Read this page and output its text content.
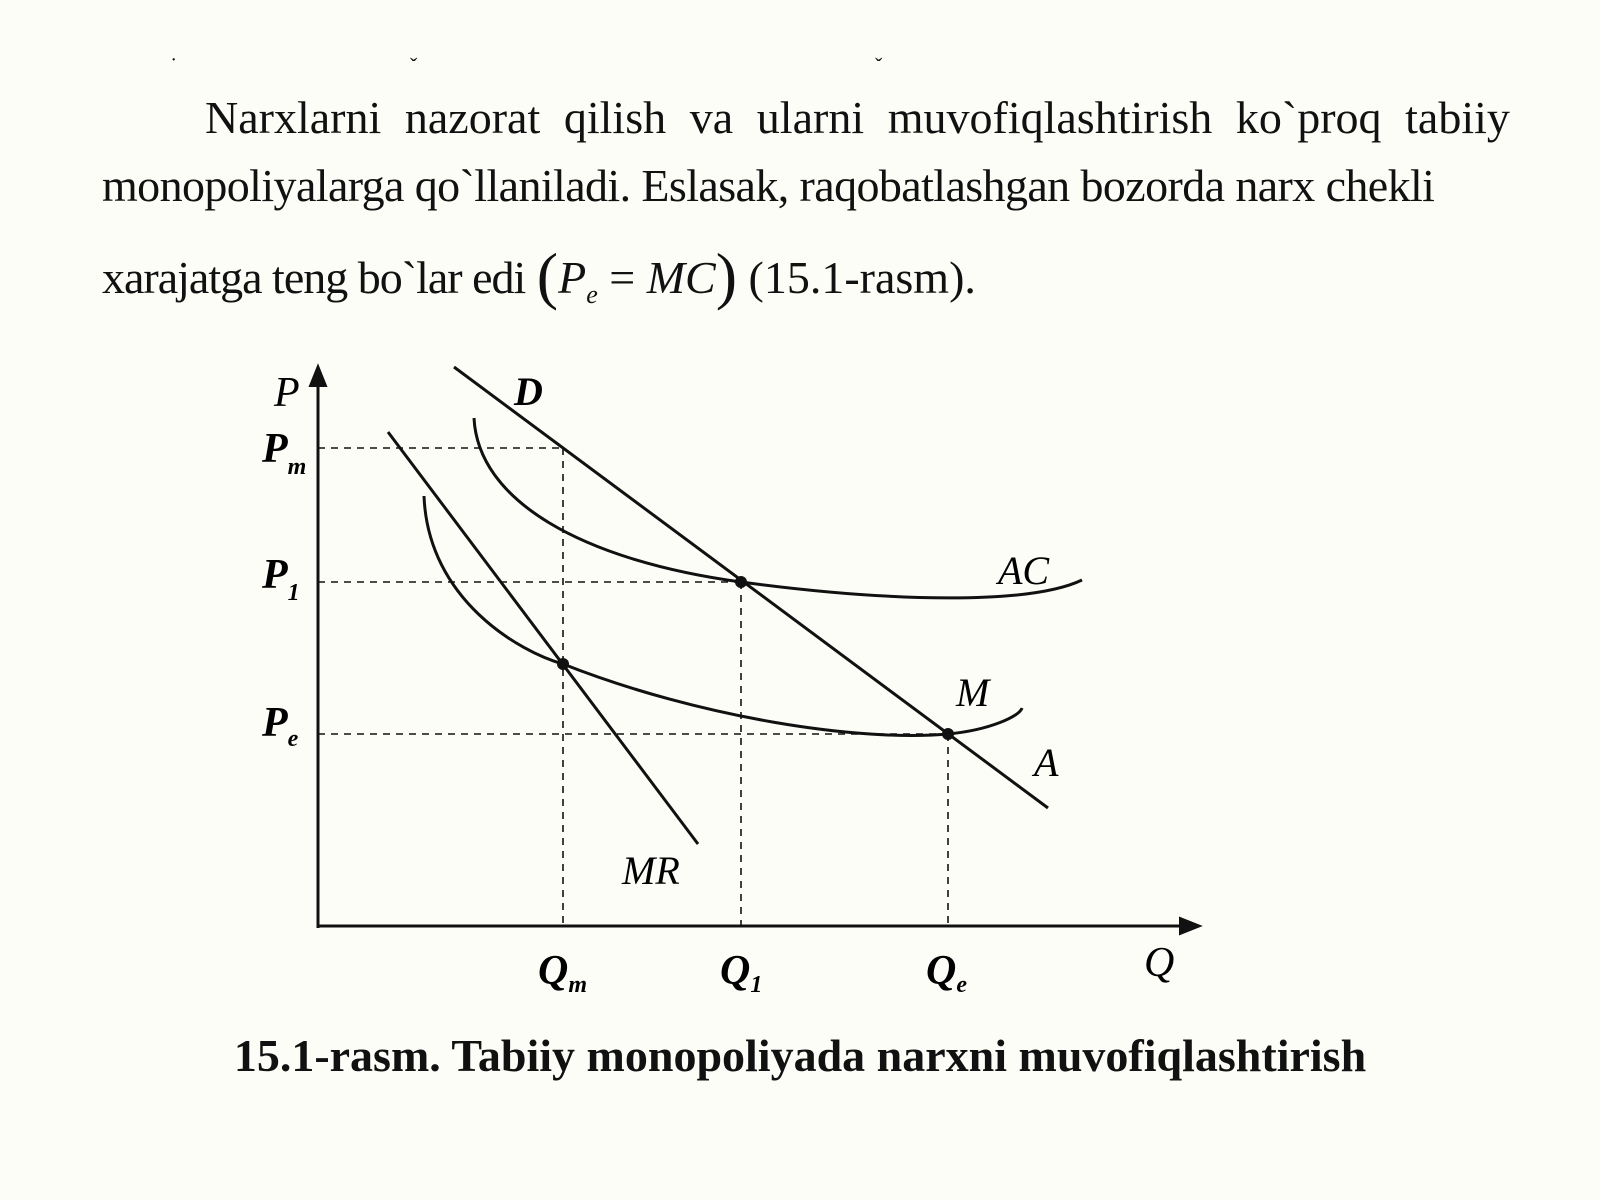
˙	ˇ	ˇ
Narxlarni nazorat qilish va ularni muvofiqlashtirish ko`proq tabiiy
monopoliyalarga qo`llaniladi. Eslasak, raqobatlashgan bozorda narx chekli
xarajatga teng bo`lar edi $(P_e = MC)$ (15.1-rasm).
P
Q
$P_m$
$P_1$
$P_e$
Qm	Q1	Qe
D
AC
M
A
MR
15.1-rasm. Tabiiy monopoliyada narxni muvofiqlashtirish
